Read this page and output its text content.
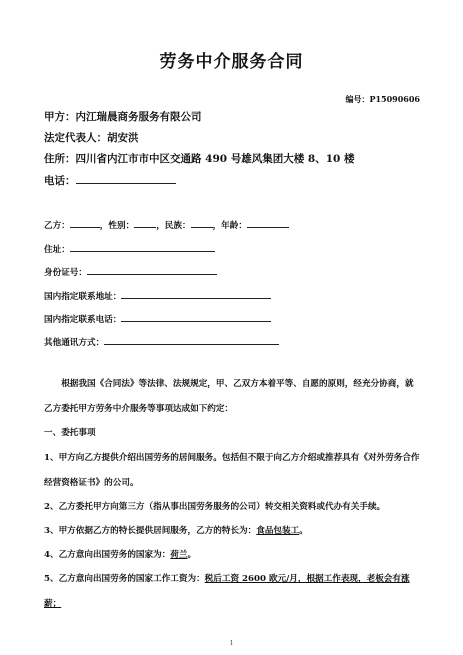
劳务中介服务合同
编号：P15090606
甲方：内江瑞晨商务服务有限公司
法定代表人：胡安洪
住所：四川省内江市市中区交通路 490 号雄风集团大楼 8、10 楼
电话：
乙方：	，性别：	，民族：	，年龄：
住址：
身份证号：
国内指定联系地址：
国内指定联系电话：
其他通讯方式：
根据我国《合同法》等法律、法规规定，甲、乙双方本着平等、自愿的原则，经充分协商，就乙方委托甲方劳务中介服务等事项达成如下约定：
一、委托事项
1、甲方向乙方提供介绍出国劳务的居间服务。包括但不限于向乙方介绍或推荐具有《对外劳务合作经营资格证书》的公司。
2、乙方委托甲方向第三方（指从事出国劳务服务的公司）转交相关资料或代办有关手续。
3、甲方依据乙方的特长提供居间服务，乙方的特长为：食品包装工。
4、乙方意向出国劳务的国家为：荷兰。
5、乙方意向出国劳务的国家工作工资为：税后工资 2600 欧元/月，根据工作表现，老板会有涨薪；
1
